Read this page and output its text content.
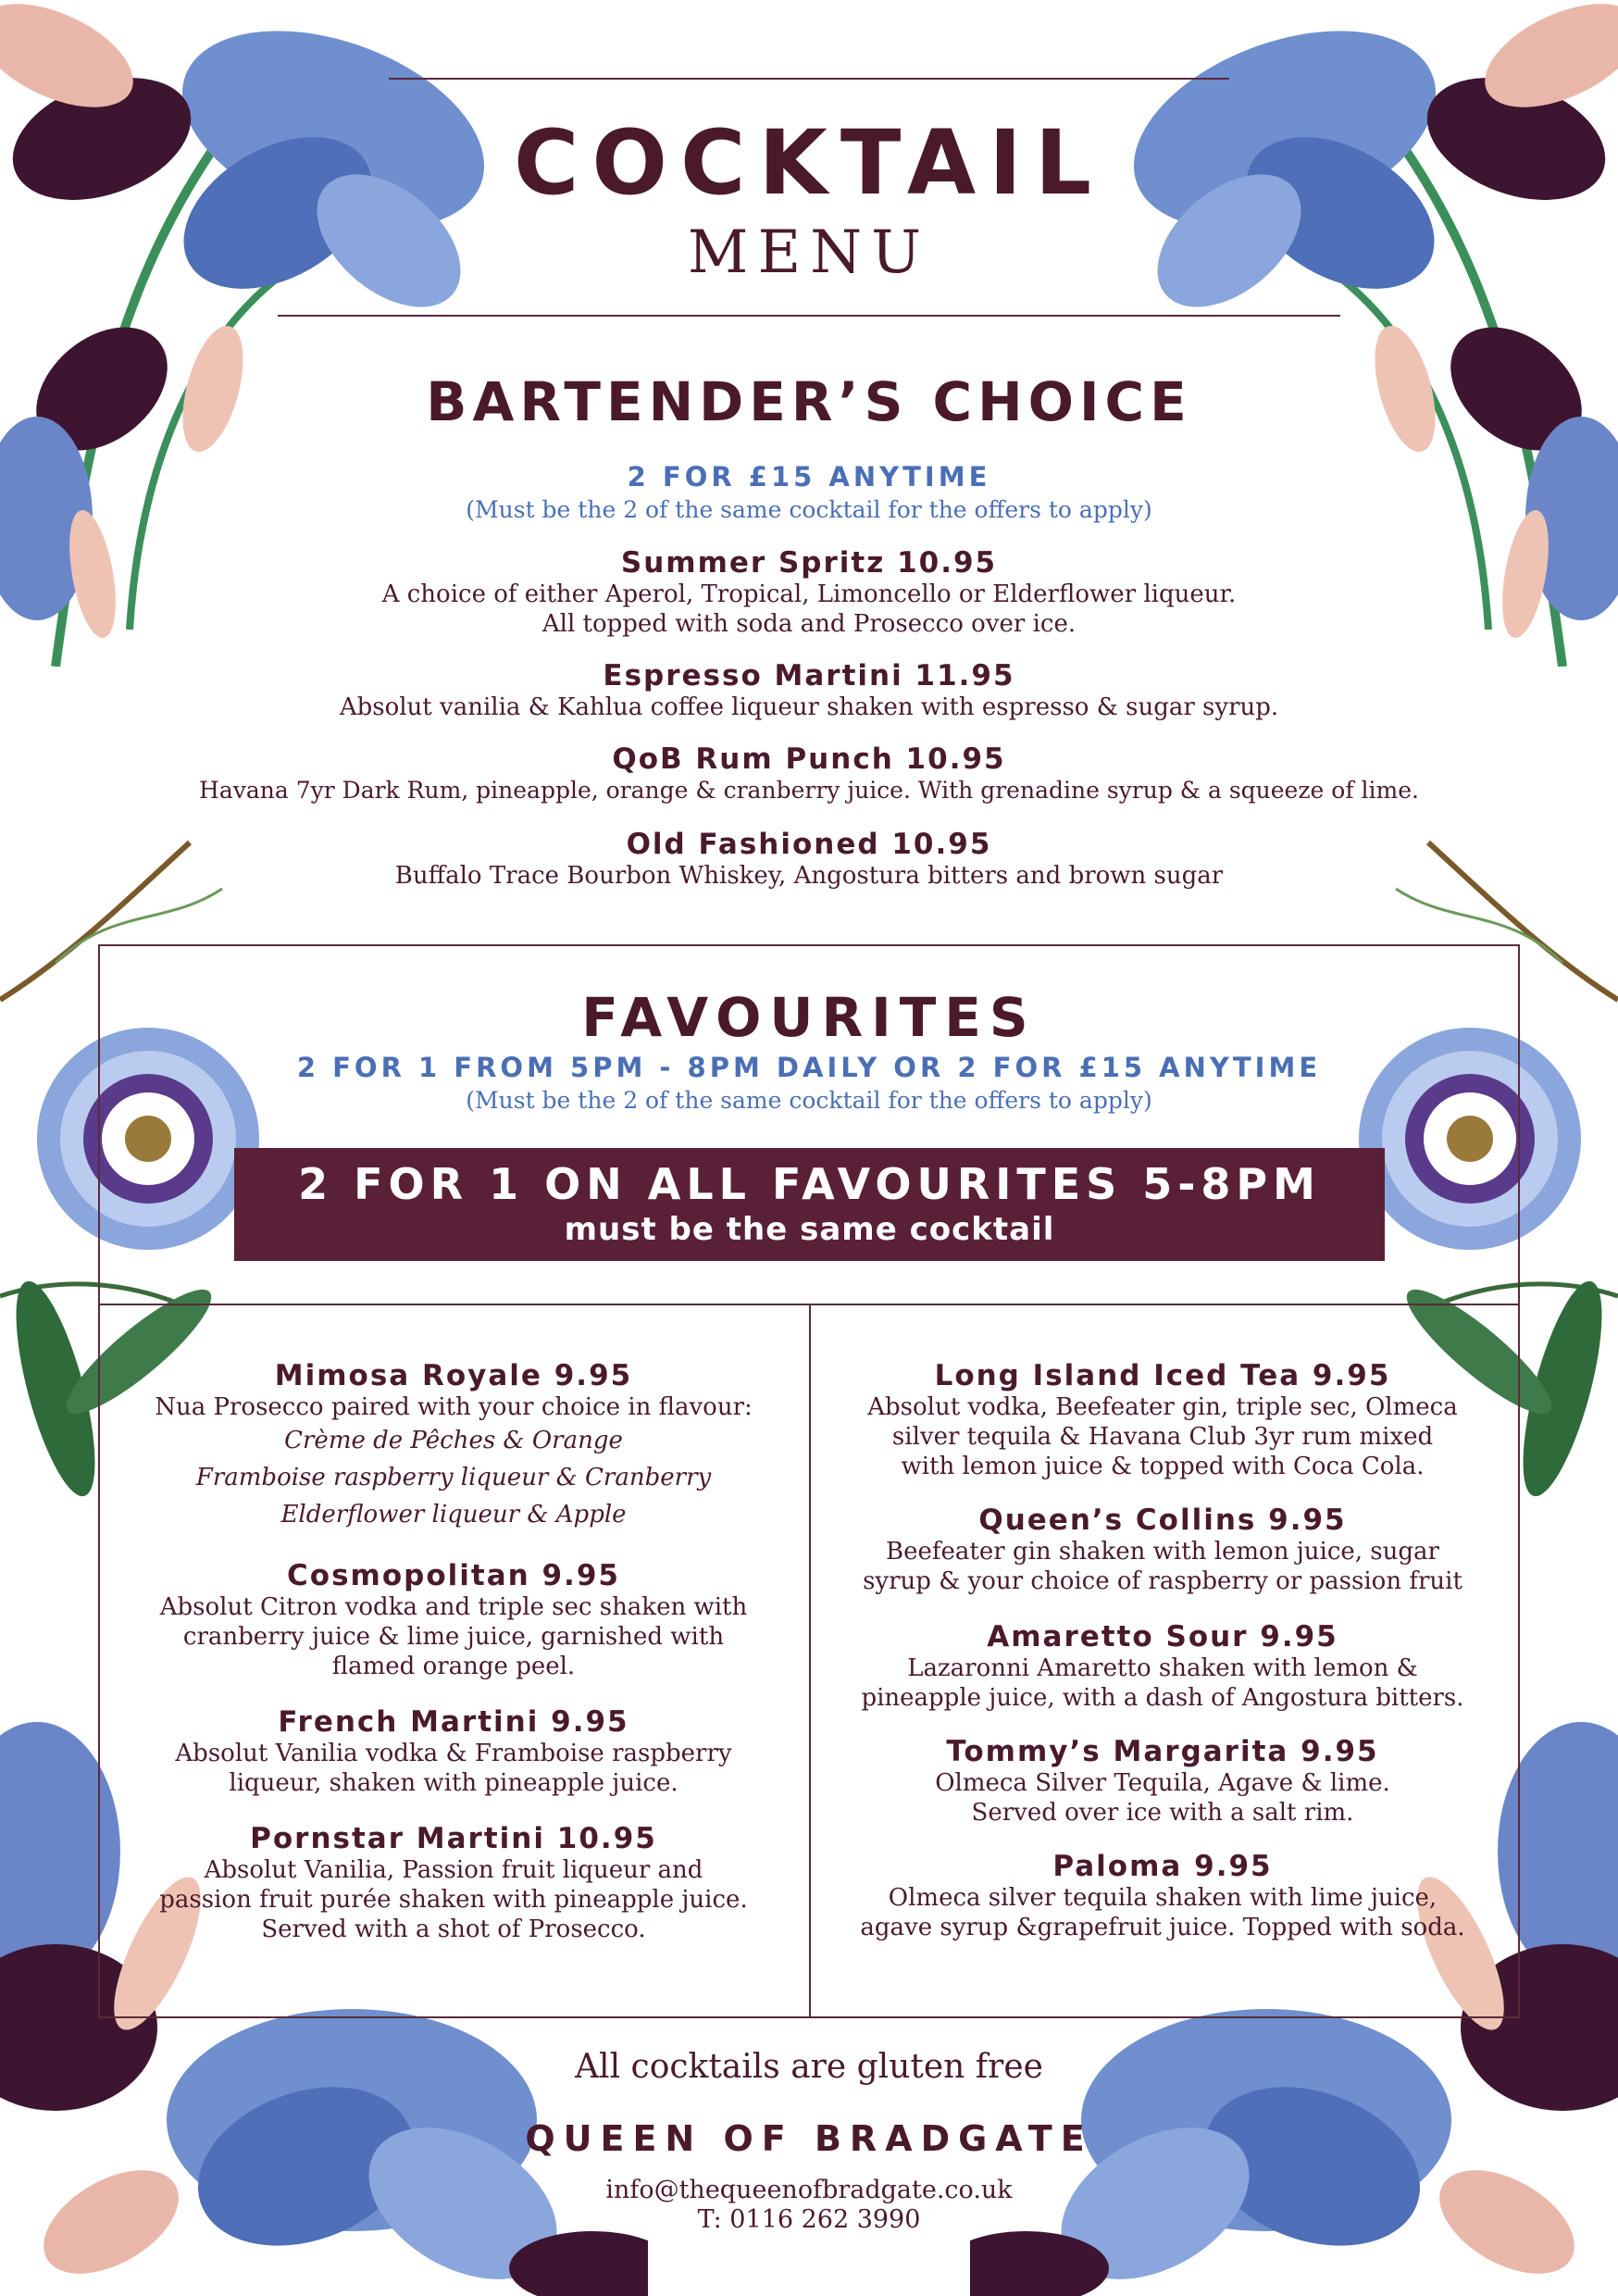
COCKTAIL
MENU
BARTENDER’S CHOICE
2 FOR £15 ANYTIME
(Must be the 2 of the same cocktail for the offers to apply)
Summer Spritz 10.95
A choice of either Aperol, Tropical, Limoncello or Elderflower liqueur.
All topped with soda and Prosecco over ice.
Espresso Martini 11.95
Absolut vanilia & Kahlua coffee liqueur shaken with espresso & sugar syrup.
QoB Rum Punch 10.95
Havana 7yr Dark Rum, pineapple, orange & cranberry juice. With grenadine syrup & a squeeze of lime.
Old Fashioned 10.95
Buffalo Trace Bourbon Whiskey, Angostura bitters and brown sugar
FAVOURITES
2 FOR 1 FROM 5PM - 8PM DAILY OR 2 FOR £15 ANYTIME
(Must be the 2 of the same cocktail for the offers to apply)
2 FOR 1 ON ALL FAVOURITES 5-8PM
must be the same cocktail
Mimosa Royale 9.95
Nua Prosecco paired with your choice in flavour:
Crème de Pêches & Orange
Framboise raspberry liqueur & Cranberry
Elderflower liqueur & Apple
Cosmopolitan 9.95
Absolut Citron vodka and triple sec shaken with
cranberry juice & lime juice, garnished with
flamed orange peel.
French Martini 9.95
Absolut Vanilia vodka & Framboise raspberry
liqueur, shaken with pineapple juice.
Pornstar Martini 10.95
Absolut Vanilia, Passion fruit liqueur and
passion fruit purée shaken with pineapple juice.
Served with a shot of Prosecco.
Long Island Iced Tea 9.95
Absolut vodka, Beefeater gin, triple sec, Olmeca
silver tequila & Havana Club 3yr rum mixed
with lemon juice & topped with Coca Cola.
Queen’s Collins 9.95
Beefeater gin shaken with lemon juice, sugar
syrup & your choice of raspberry or passion fruit
Amaretto Sour 9.95
Lazaronni Amaretto shaken with lemon &
pineapple juice, with a dash of Angostura bitters.
Tommy’s Margarita 9.95
Olmeca Silver Tequila, Agave & lime.
Served over ice with a salt rim.
Paloma 9.95
Olmeca silver tequila shaken with lime juice,
agave syrup &grapefruit juice. Topped with soda.
All cocktails are gluten free
QUEEN OF BRADGATE
info@thequeenofbradgate.co.uk
T: 0116 262 3990
